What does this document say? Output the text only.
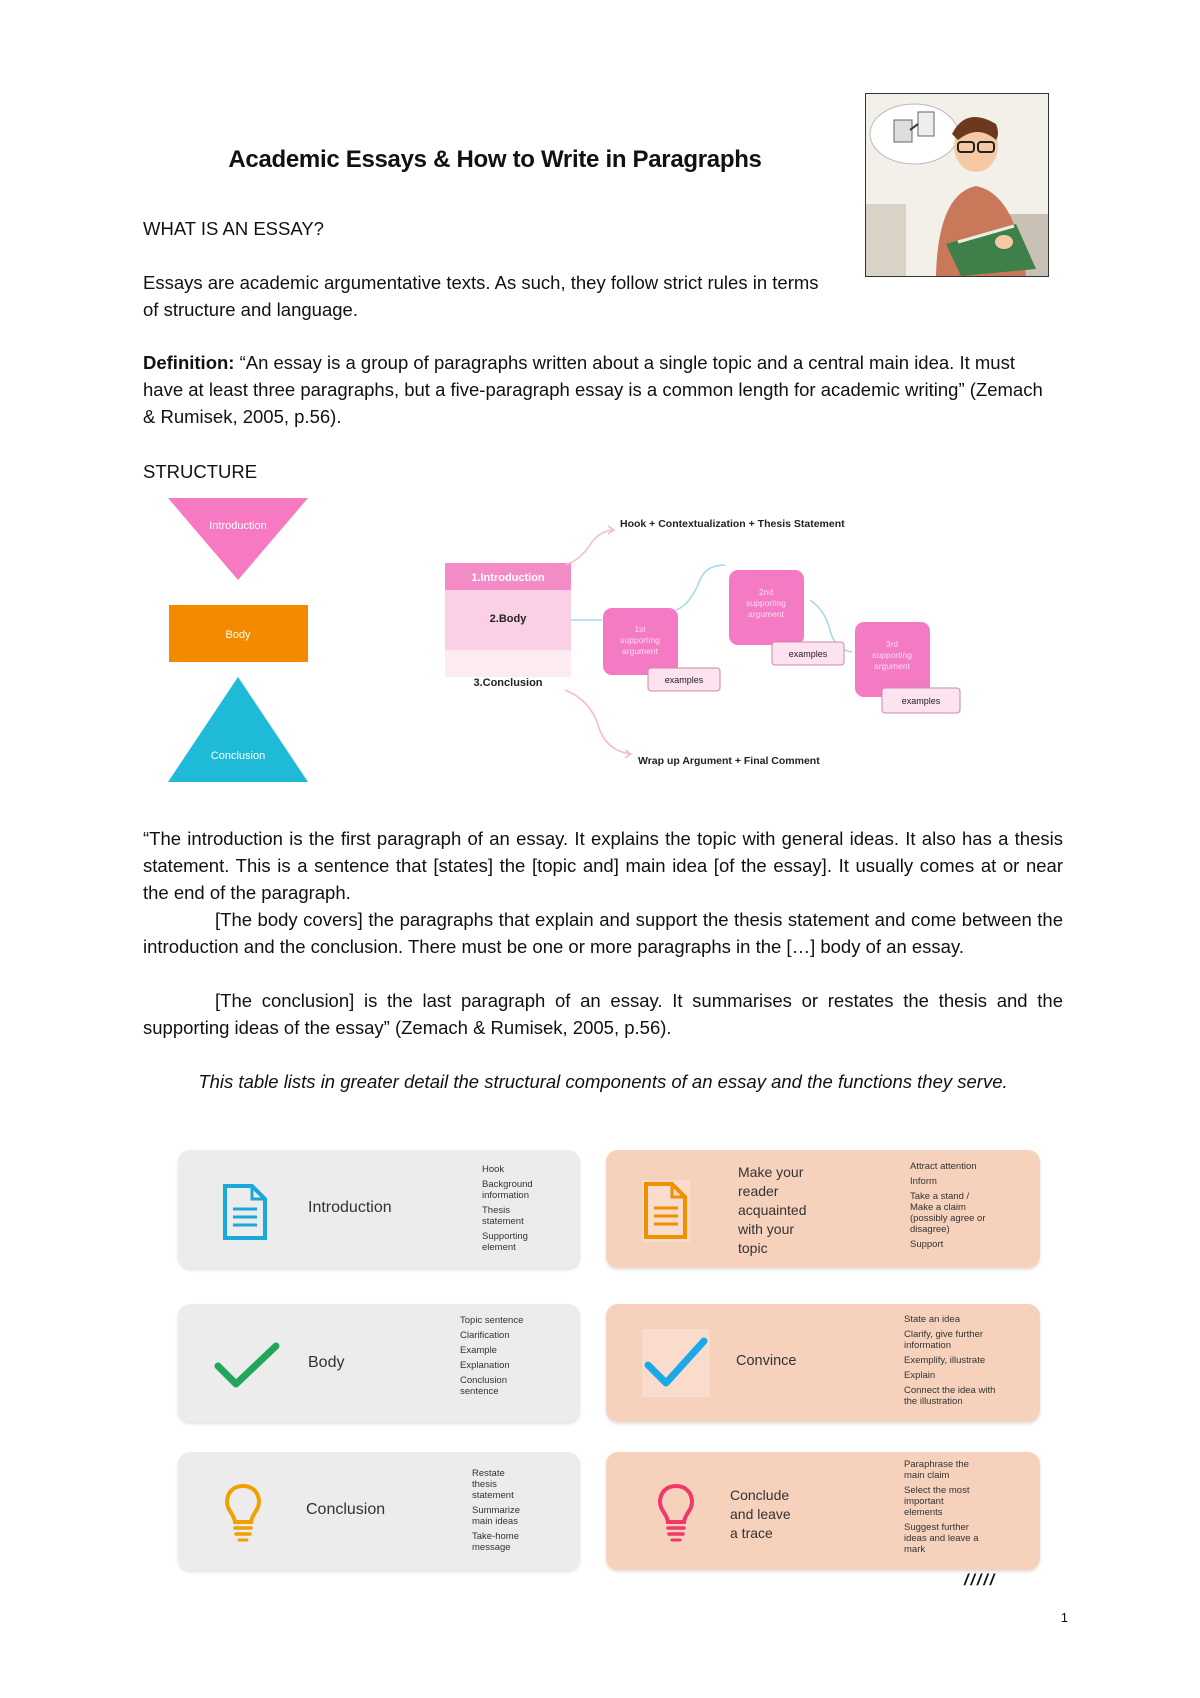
Academic Essays & How to Write in Paragraphs
WHAT IS AN ESSAY?
Essays are academic argumentative texts. As such, they follow strict rules in terms of structure and language.
Definition: “An essay is a group of paragraphs written about a single topic and a central main idea. It must have at least three paragraphs, but a five-paragraph essay is a common length for academic writing” (Zemach & Rumisek, 2005, p.56).
STRUCTURE
Introduction
Body
Conclusion
1.Introduction
2.Body
3.Conclusion
Hook + Contextualization + Thesis Statement
Wrap up Argument + Final Comment
1st
supporting
argument
examples
2nd
supporting
argument
examples
3rd
supporting
argument
examples
“The introduction is the first paragraph of an essay. It explains the topic with general ideas. It also has a thesis statement. This is a sentence that [states] the [topic and] main idea [of the essay]. It usually comes at or near the end of the paragraph.
[The body covers] the paragraphs that explain and support the thesis statement and come between the introduction and the conclusion. There must be one or more paragraphs in the […] body of an essay.
[The conclusion] is the last paragraph of an essay. It summarises or restates the thesis and the supporting ideas of the essay” (Zemach & Rumisek, 2005, p.56).
This table lists in greater detail the structural components of an essay and the functions they serve.
Introduction
Hook
Background information
Thesis statement
Supporting element
Make your
reader
acquainted
with your
topic
Attract attention
Inform
Take a stand / Make a claim (possibly agree or disagree)
Support
Body
Topic sentence
Clarification
Example
Explanation
Conclusion sentence
Convince
State an idea
Clarify, give further information
Exemplify, illustrate
Explain
Connect the idea with the illustration
Conclusion
Restate thesis statement
Summarize main ideas
Take-home message
Conclude
and leave
a trace
Paraphrase the main claim
Select the most important elements
Suggest further ideas and leave a mark
/////
1
